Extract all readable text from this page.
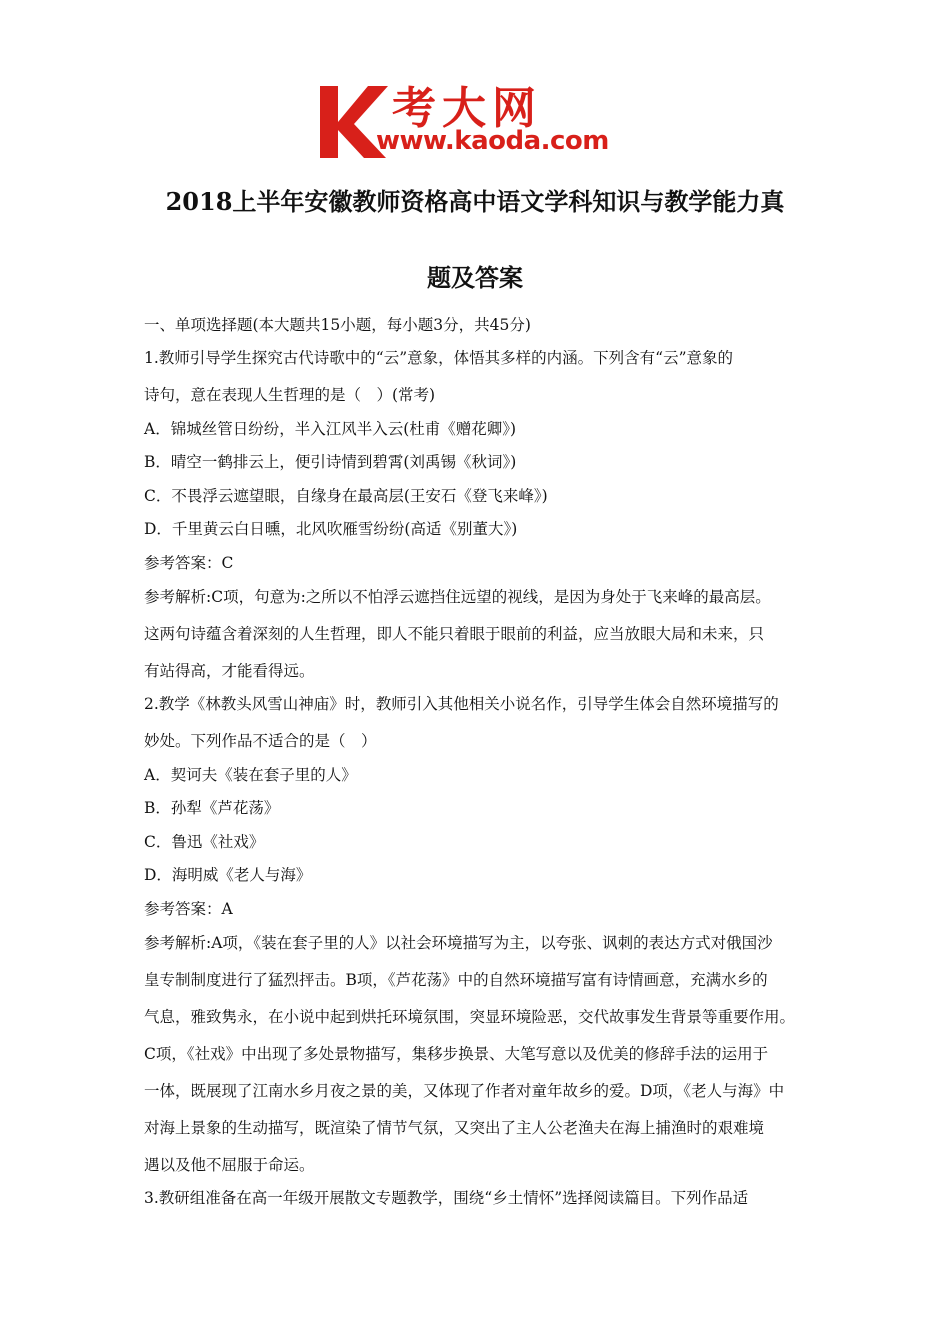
考大网
www.kaoda.com
2018上半年安徽教师资格高中语文学科知识与教学能力真
题及答案
一、单项选择题(本大题共15小题，每小题3分，共45分)
1.教师引导学生探究古代诗歌中的“云”意象，体悟其多样的内涵。下列含有“云”意象的
诗句，意在表现人生哲理的是（　）(常考)
A．锦城丝管日纷纷，半入江风半入云(杜甫《赠花卿》)
B．晴空一鹤排云上，便引诗情到碧霄(刘禹锡《秋词》)
C．不畏浮云遮望眼，自缘身在最高层(王安石《登飞来峰》)
D．千里黄云白日曛，北风吹雁雪纷纷(高适《别董大》)
参考答案：C
参考解析:C项，句意为:之所以不怕浮云遮挡住远望的视线，是因为身处于飞来峰的最高层。
这两句诗蕴含着深刻的人生哲理，即人不能只着眼于眼前的利益，应当放眼大局和未来，只
有站得高，才能看得远。
2.教学《林教头风雪山神庙》时，教师引入其他相关小说名作，引导学生体会自然环境描写的
妙处。下列作品不适合的是（　）
A．契诃夫《装在套子里的人》
B．孙犁《芦花荡》
C．鲁迅《社戏》
D．海明威《老人与海》
参考答案：A
参考解析:A项，《装在套子里的人》以社会环境描写为主，以夸张、讽刺的表达方式对俄国沙
皇专制制度进行了猛烈抨击。B项，《芦花荡》中的自然环境描写富有诗情画意，充满水乡的
气息，雅致隽永，在小说中起到烘托环境氛围，突显环境险恶，交代故事发生背景等重要作用。
C项，《社戏》中出现了多处景物描写，集移步换景、大笔写意以及优美的修辞手法的运用于
一体，既展现了江南水乡月夜之景的美，又体现了作者对童年故乡的爱。D项，《老人与海》中
对海上景象的生动描写，既渲染了情节气氛，又突出了主人公老渔夫在海上捕渔时的艰难境
遇以及他不屈服于命运。
3.教研组准备在高一年级开展散文专题教学，围绕“乡土情怀”选择阅读篇目。下列作品适
